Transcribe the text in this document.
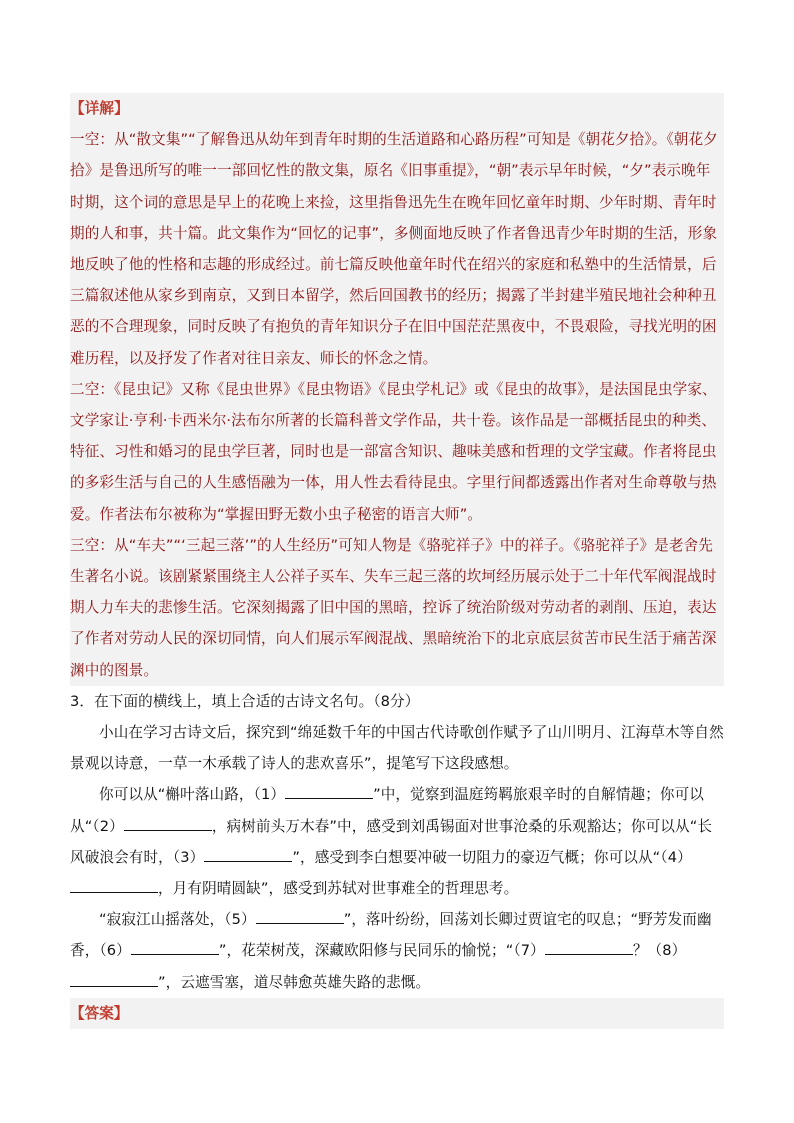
【详解】

一空：从“散文集”“了解鲁迅从幼年到青年时期的生活道路和心路历程”可知是《朝花夕拾》。《朝花夕拾》是鲁迅所写的唯一一部回忆性的散文集，原名《旧事重提》，“朝”表示早年时候，“夕”表示晚年时期，这个词的意思是早上的花晚上来捡，这里指鲁迅先生在晚年回忆童年时期、少年时期、青年时期的人和事，共十篇。此文集作为“回忆的记事”，多侧面地反映了作者鲁迅青少年时期的生活，形象地反映了他的性格和志趣的形成经过。前七篇反映他童年时代在绍兴的家庭和私塾中的生活情景，后三篇叙述他从家乡到南京，又到日本留学，然后回国教书的经历；揭露了半封建半殖民地社会种种丑恶的不合理现象，同时反映了有抱负的青年知识分子在旧中国茫茫黑夜中，不畏艰险，寻找光明的困难历程，以及抒发了作者对往日亲友、师长的怀念之情。

二空：《昆虫记》又称《昆虫世界》《昆虫物语》《昆虫学札记》或《昆虫的故事》，是法国昆虫学家、文学家让·亨利·卡西米尔·法布尔所著的长篇科普文学作品，共十卷。该作品是一部概括昆虫的种类、特征、习性和婚习的昆虫学巨著，同时也是一部富含知识、趣味美感和哲理的文学宝藏。作者将昆虫的多彩生活与自己的人生感悟融为一体，用人性去看待昆虫。字里行间都透露出作者对生命尊敬与热爱。作者法布尔被称为“掌握田野无数小虫子秘密的语言大师”。

三空：从“车夫”“‘三起三落’”的人生经历”可知人物是《骆驼祥子》中的祥子。《骆驼祥子》是老舍先生著名小说。该剧紧紧围绕主人公祥子买车、失车三起三落的坎坷经历展示处于二十年代军阀混战时期人力车夫的悲惨生活。它深刻揭露了旧中国的黑暗，控诉了统治阶级对劳动者的剥削、压迫，表达了作者对劳动人民的深切同情，向人们展示军阀混战、黑暗统治下的北京底层贫苦市民生活于痛苦深渊中的图景。

3．在下面的横线上，填上合适的古诗文名句。（8分）

小山在学习古诗文后，探究到“绵延数千年的中国古代诗歌创作赋予了山川明月、江海草木等自然景观以诗意，一草一木承载了诗人的悲欢喜乐”，提笔写下这段感想。

你可以从“槲叶落山路，（1）	”中，觉察到温庭筠羁旅艰辛时的自解情趣；你可以从“（2）	，病树前头万木春”中，感受到刘禹锡面对世事沧桑的乐观豁达；你可以从“长风破浪会有时，（3）	”，感受到李白想要冲破一切阻力的豪迈气概；你可以从“（4），月有阴晴圆缺”，感受到苏轼对世事难全的哲理思考。

“寂寂江山摇落处，（5）	”，落叶纷纷，回荡刘长卿过贾谊宅的叹息；“野芳发而幽香，（6）	”，花荣树茂，深藏欧阳修与民同乐的愉悦；“（7）	？（8）”，云遮雪塞，道尽韩愈英雄失路的悲慨。

【答案】
